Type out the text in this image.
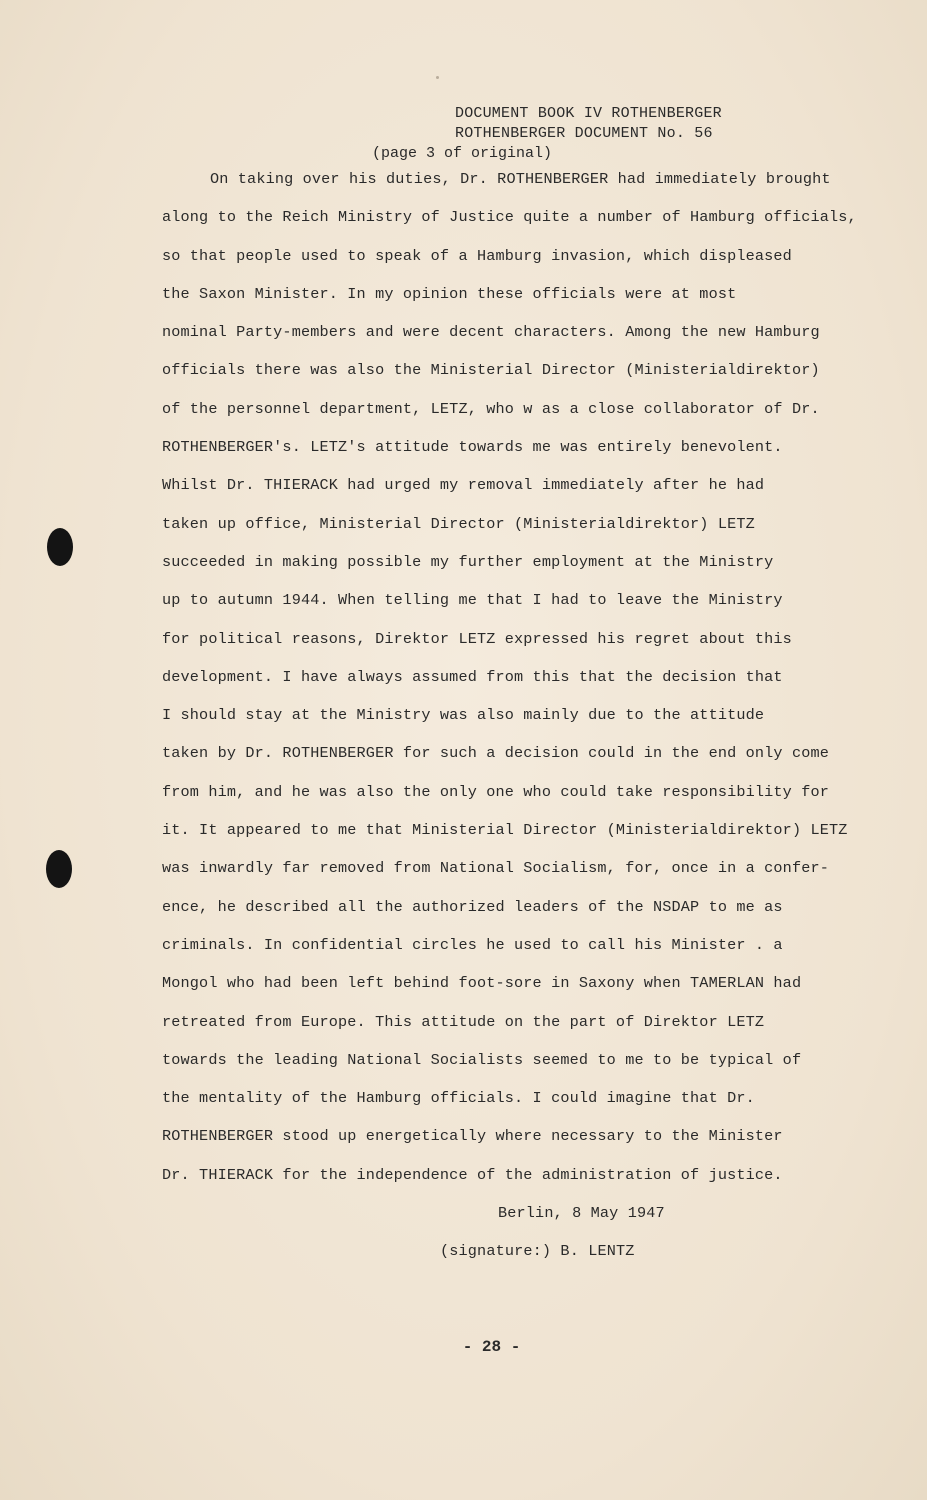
DOCUMENT BOOK IV ROTHENBERGER
ROTHENBERGER DOCUMENT No. 56
(page 3 of original)
On taking over his duties, Dr. ROTHENBERGER had immediately brought
along to the Reich Ministry of Justice quite a number of Hamburg officials,
so that people used to speak of a Hamburg invasion, which displeased
the Saxon Minister. In my opinion these officials were at most
nominal Party-members and were decent characters. Among the new Hamburg
officials there was also the Ministerial Director (Ministerialdirektor)
of the personnel department, LETZ, who w as a close collaborator of Dr.
ROTHENBERGER's. LETZ's attitude towards me was entirely benevolent.
Whilst Dr. THIERACK had urged my removal immediately after he had
taken up office, Ministerial Director (Ministerialdirektor) LETZ
succeeded in making possible my further employment at the Ministry
up to autumn 1944. When telling me that I had to leave the Ministry
for political reasons, Direktor LETZ expressed his regret about this
development. I have always assumed from this that the decision that
I should stay at the Ministry was also mainly due to the attitude
taken by Dr. ROTHENBERGER for such a decision could in the end only come
from him, and he was also the only one who could take responsibility for
it. It appeared to me that Ministerial Director (Ministerialdirektor) LETZ
was inwardly far removed from National Socialism, for, once in a confer-
ence, he described all the authorized leaders of the NSDAP to me as
criminals. In confidential circles he used to call his Minister . a
Mongol who had been left behind foot-sore in Saxony when TAMERLAN had
retreated from Europe. This attitude on the part of Direktor LETZ
towards the leading National Socialists seemed to me to be typical of
the mentality of the Hamburg officials. I could imagine that Dr.
ROTHENBERGER stood up energetically where necessary to the Minister
Dr. THIERACK for the independence of the administration of justice.
Berlin, 8 May 1947
(signature:) B. LENTZ
- 28 -
